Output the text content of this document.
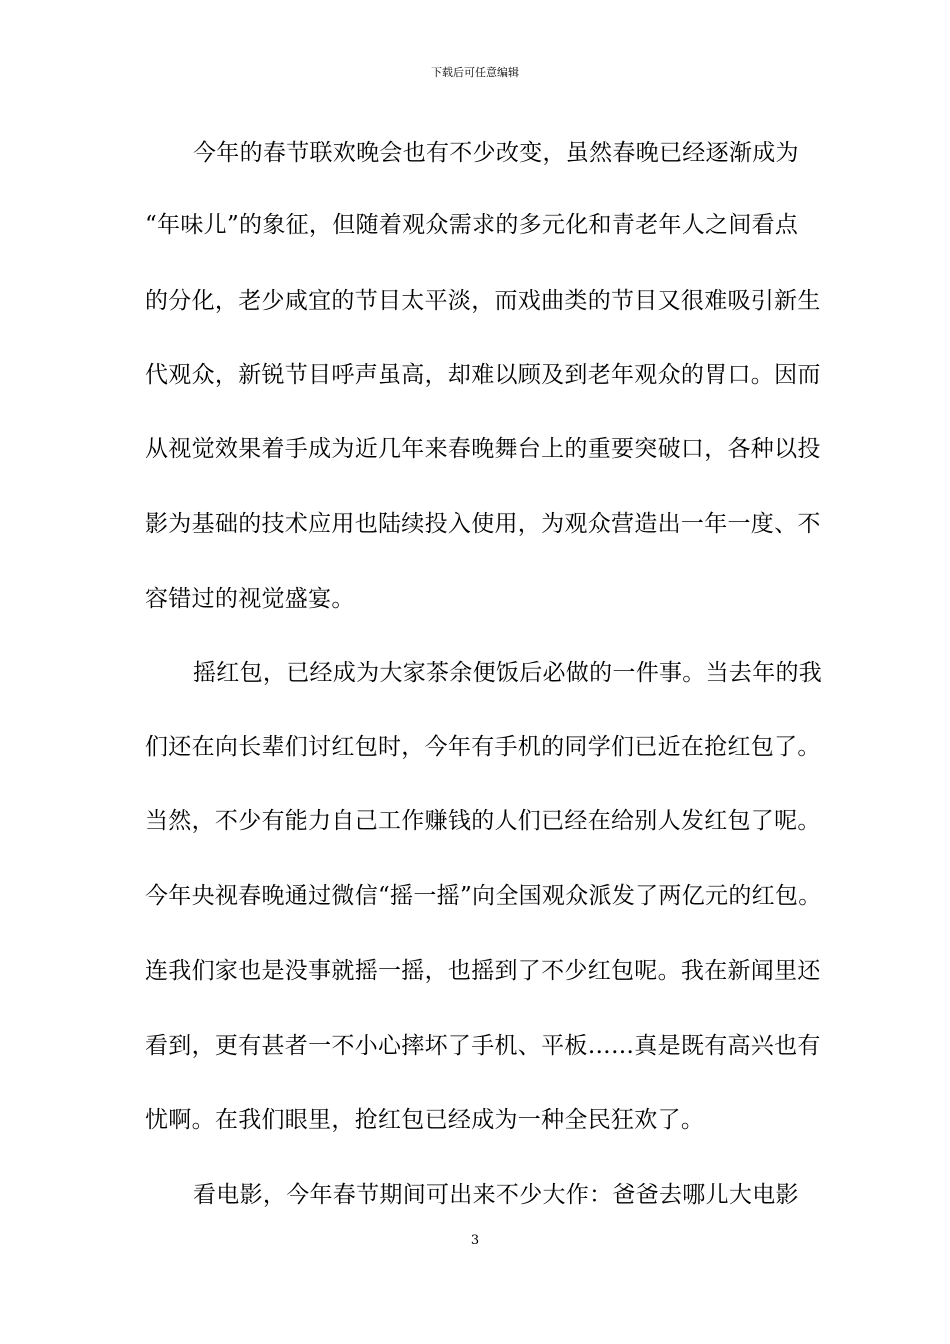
下载后可任意编辑
今年的春节联欢晚会也有不少改变，虽然春晚已经逐渐成为
“年味儿”的象征，但随着观众需求的多元化和青老年人之间看点
的分化，老少咸宜的节目太平淡，而戏曲类的节目又很难吸引新生
代观众，新锐节目呼声虽高，却难以顾及到老年观众的胃口。因而
从视觉效果着手成为近几年来春晚舞台上的重要突破口，各种以投
影为基础的技术应用也陆续投入使用，为观众营造出一年一度、不
容错过的视觉盛宴。
摇红包，已经成为大家茶余便饭后必做的一件事。当去年的我
们还在向长辈们讨红包时，今年有手机的同学们已近在抢红包了。
当然，不少有能力自己工作赚钱的人们已经在给别人发红包了呢。
今年央视春晚通过微信“摇一摇”向全国观众派发了两亿元的红包。
连我们家也是没事就摇一摇，也摇到了不少红包呢。我在新闻里还
看到，更有甚者一不小心摔坏了手机、平板……真是既有高兴也有
忧啊。在我们眼里，抢红包已经成为一种全民狂欢了。
看电影，今年春节期间可出来不少大作：爸爸去哪儿大电影
3
